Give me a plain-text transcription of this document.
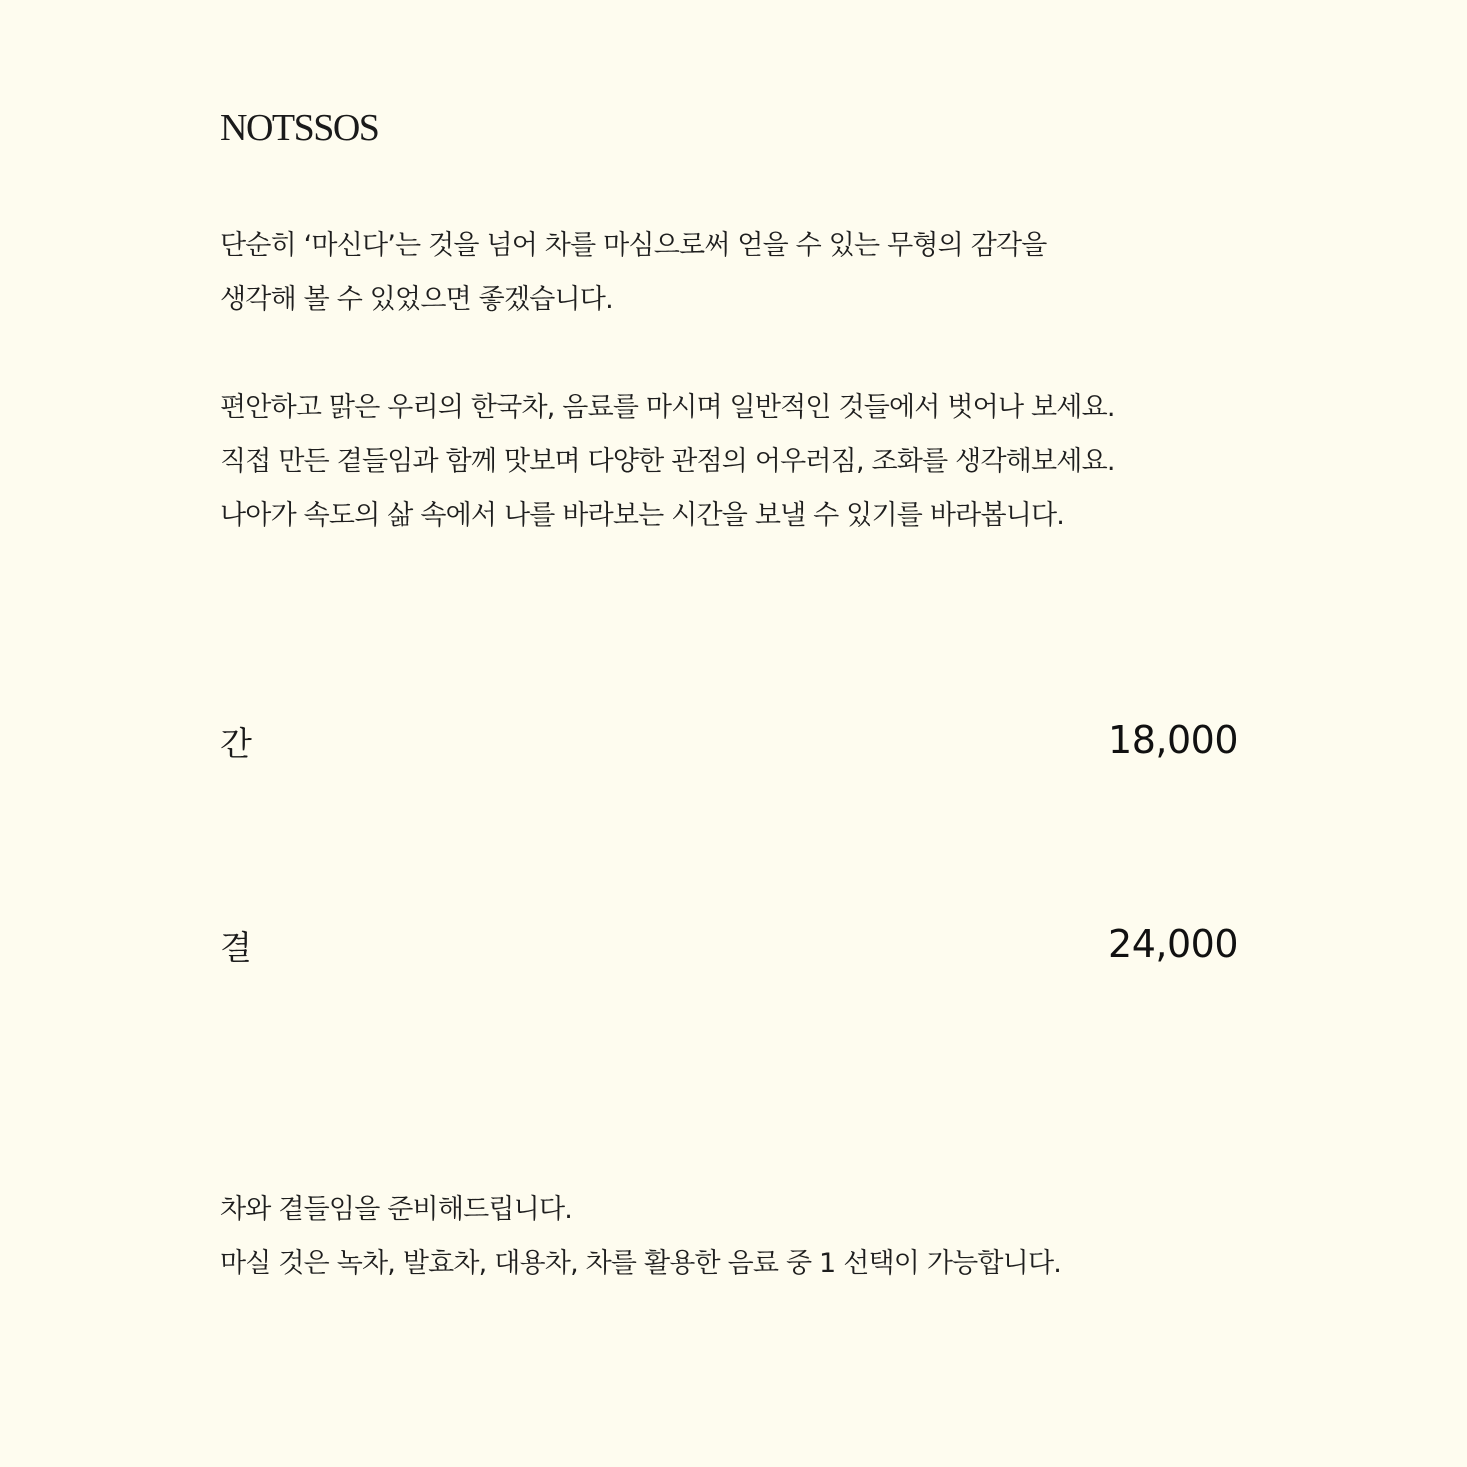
NOTSSOS
단순히 ‘마신다’는 것을 넘어 차를 마심으로써 얻을 수 있는 무형의 감각을
생각해 볼 수 있었으면 좋겠습니다.
편안하고 맑은 우리의 한국차, 음료를 마시며 일반적인 것들에서 벗어나 보세요.
직접 만든 곁들임과 함께 맛보며 다양한 관점의 어우러짐, 조화를 생각해보세요.
나아가 속도의 삶 속에서 나를 바라보는 시간을 보낼 수 있기를 바라봅니다.
간	18,000
결	24,000
차와 곁들임을 준비해드립니다.
마실 것은 녹차, 발효차, 대용차, 차를 활용한 음료 중 1 선택이 가능합니다.
